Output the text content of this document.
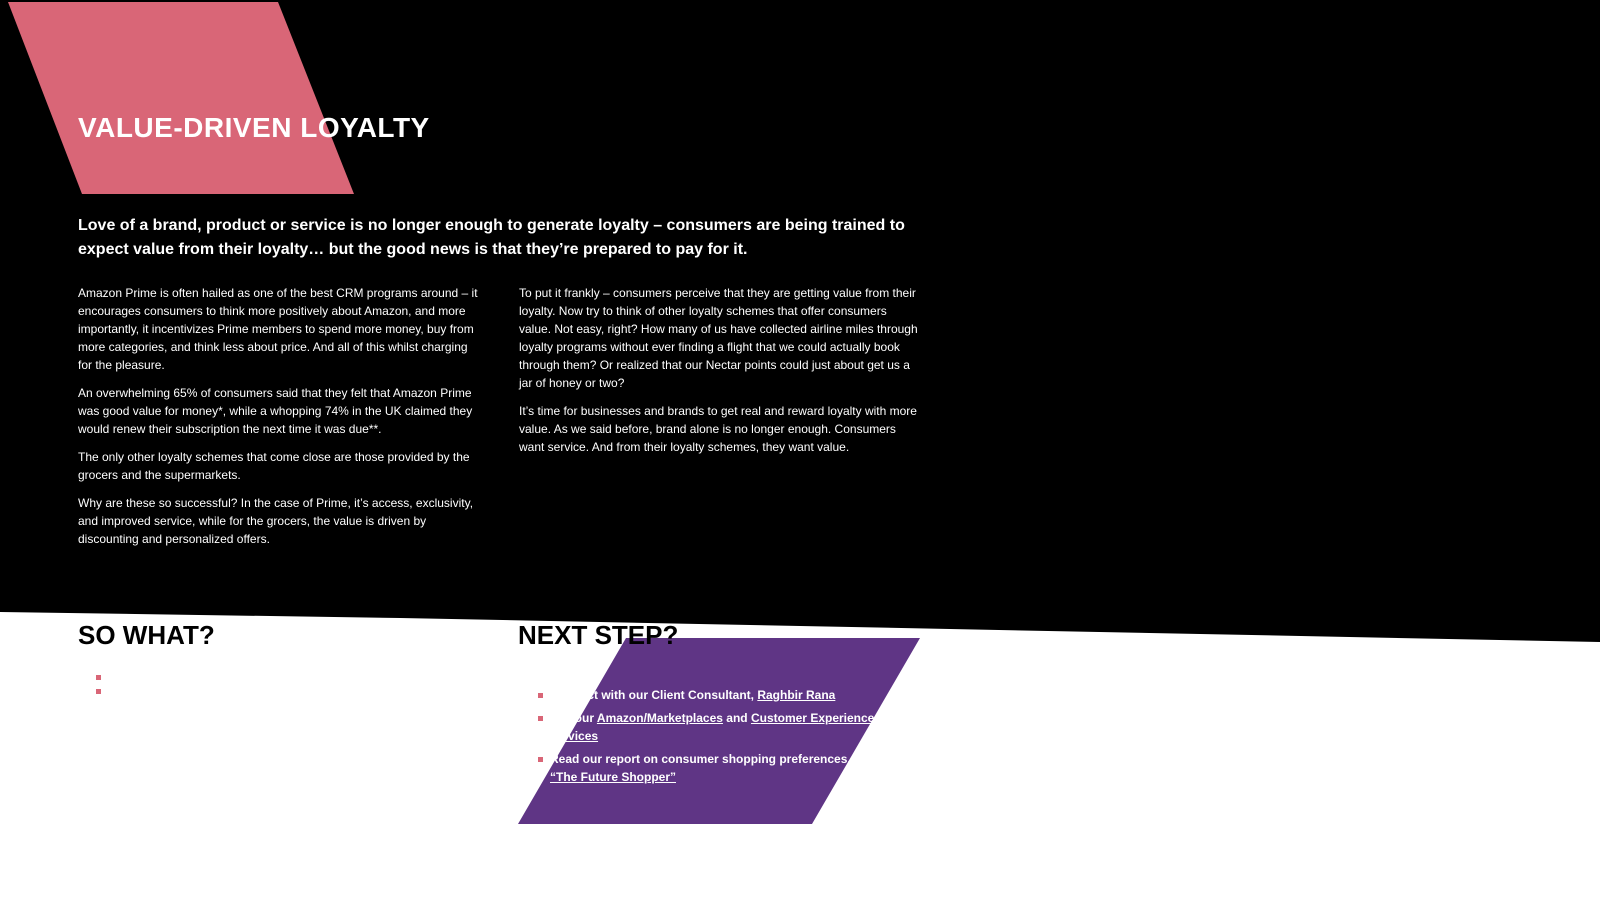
VALUE-DRIVEN LOYALTY

Love of a brand, product or service is no longer enough to generate loyalty – consumers are being trained to expect value from their loyalty… but the good news is that they’re prepared to pay for it.

Amazon Prime is often hailed as one of the best CRM programs around – it encourages consumers to think more positively about Amazon, and more importantly, it incentivizes Prime members to spend more money, buy from more categories, and think less about price. And all of this whilst charging for the pleasure.

An overwhelming 65% of consumers said that they felt that Amazon Prime was good value for money*, while a whopping 74% in the UK claimed they would renew their subscription the next time it was due**.

The only other loyalty schemes that come close are those provided by the grocers and the supermarkets.

Why are these so successful? In the case of Prime, it’s access, exclusivity, and improved service, while for the grocers, the value is driven by discounting and personalized offers.

To put it frankly – consumers perceive that they are getting value from their loyalty. Now try to think of other loyalty schemes that offer consumers value. Not easy, right? How many of us have collected airline miles through loyalty programs without ever finding a flight that we could actually book through them? Or realized that our Nectar points could just about get us a jar of honey or two?

It’s time for businesses and brands to get real and reward loyalty with more value. As we said before, brand alone is no longer enough. Consumers want service. And from their loyalty schemes, they want value.

SO WHAT?	NEXT STEP?
Connect with our Client Consultant, Raghbir Rana
See our Amazon/Marketplaces and Customer Experience services
Read our report on consumer shopping preferences, “The Future Shopper”
